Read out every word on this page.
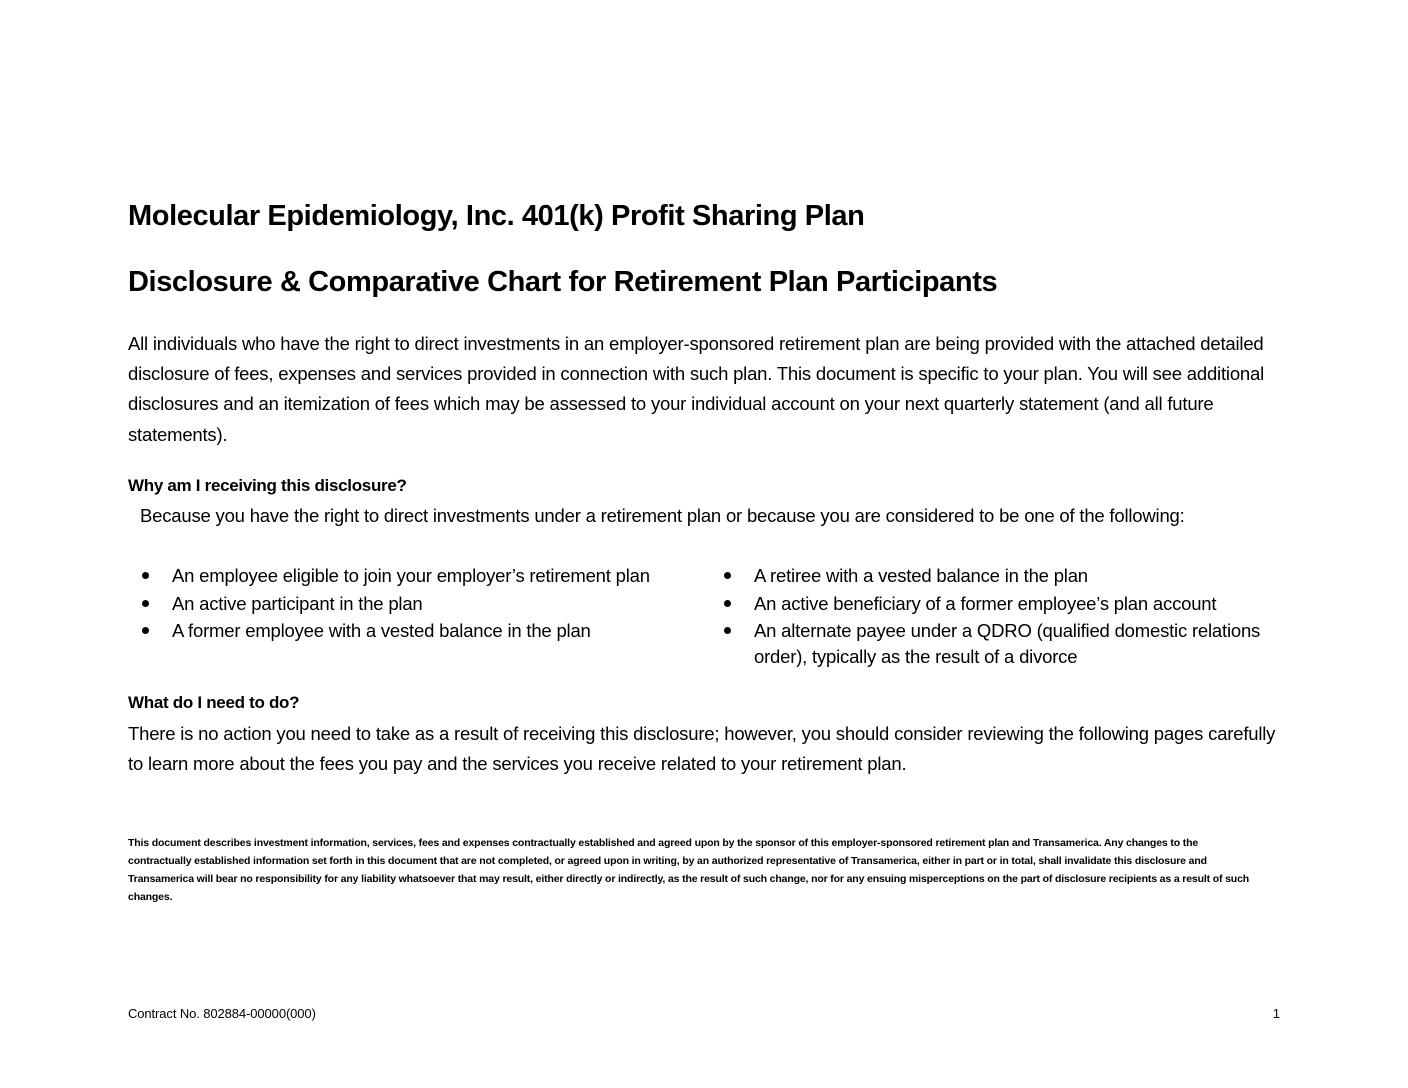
Molecular Epidemiology, Inc. 401(k) Profit Sharing Plan
Disclosure & Comparative Chart for Retirement Plan Participants

All individuals who have the right to direct investments in an employer-sponsored retirement plan are being provided with the attached detailed disclosure of fees, expenses and services provided in connection with such plan. This document is specific to your plan. You will see additional disclosures and an itemization of fees which may be assessed to your individual account on your next quarterly statement (and all future statements).

Why am I receiving this disclosure?

Because you have the right to direct investments under a retirement plan or because you are considered to be one of the following:

An employee eligible to join your employer’s retirement plan
An active participant in the plan
A former employee with a vested balance in the plan
A retiree with a vested balance in the plan
An active beneficiary of a former employee’s plan account
An alternate payee under a QDRO (qualified domestic relations order), typically as the result of a divorce
What do I need to do?

There is no action you need to take as a result of receiving this disclosure; however, you should consider reviewing the following pages carefully to learn more about the fees you pay and the services you receive related to your retirement plan.

This document describes investment information, services, fees and expenses contractually established and agreed upon by the sponsor of this employer-sponsored retirement plan and Transamerica. Any changes to the contractually established information set forth in this document that are not completed, or agreed upon in writing, by an authorized representative of Transamerica, either in part or in total, shall invalidate this disclosure and Transamerica will bear no responsibility for any liability whatsoever that may result, either directly or indirectly, as the result of such change, nor for any ensuing misperceptions on the part of disclosure recipients as a result of such changes.

Contract No. 802884-00000(000)	1
